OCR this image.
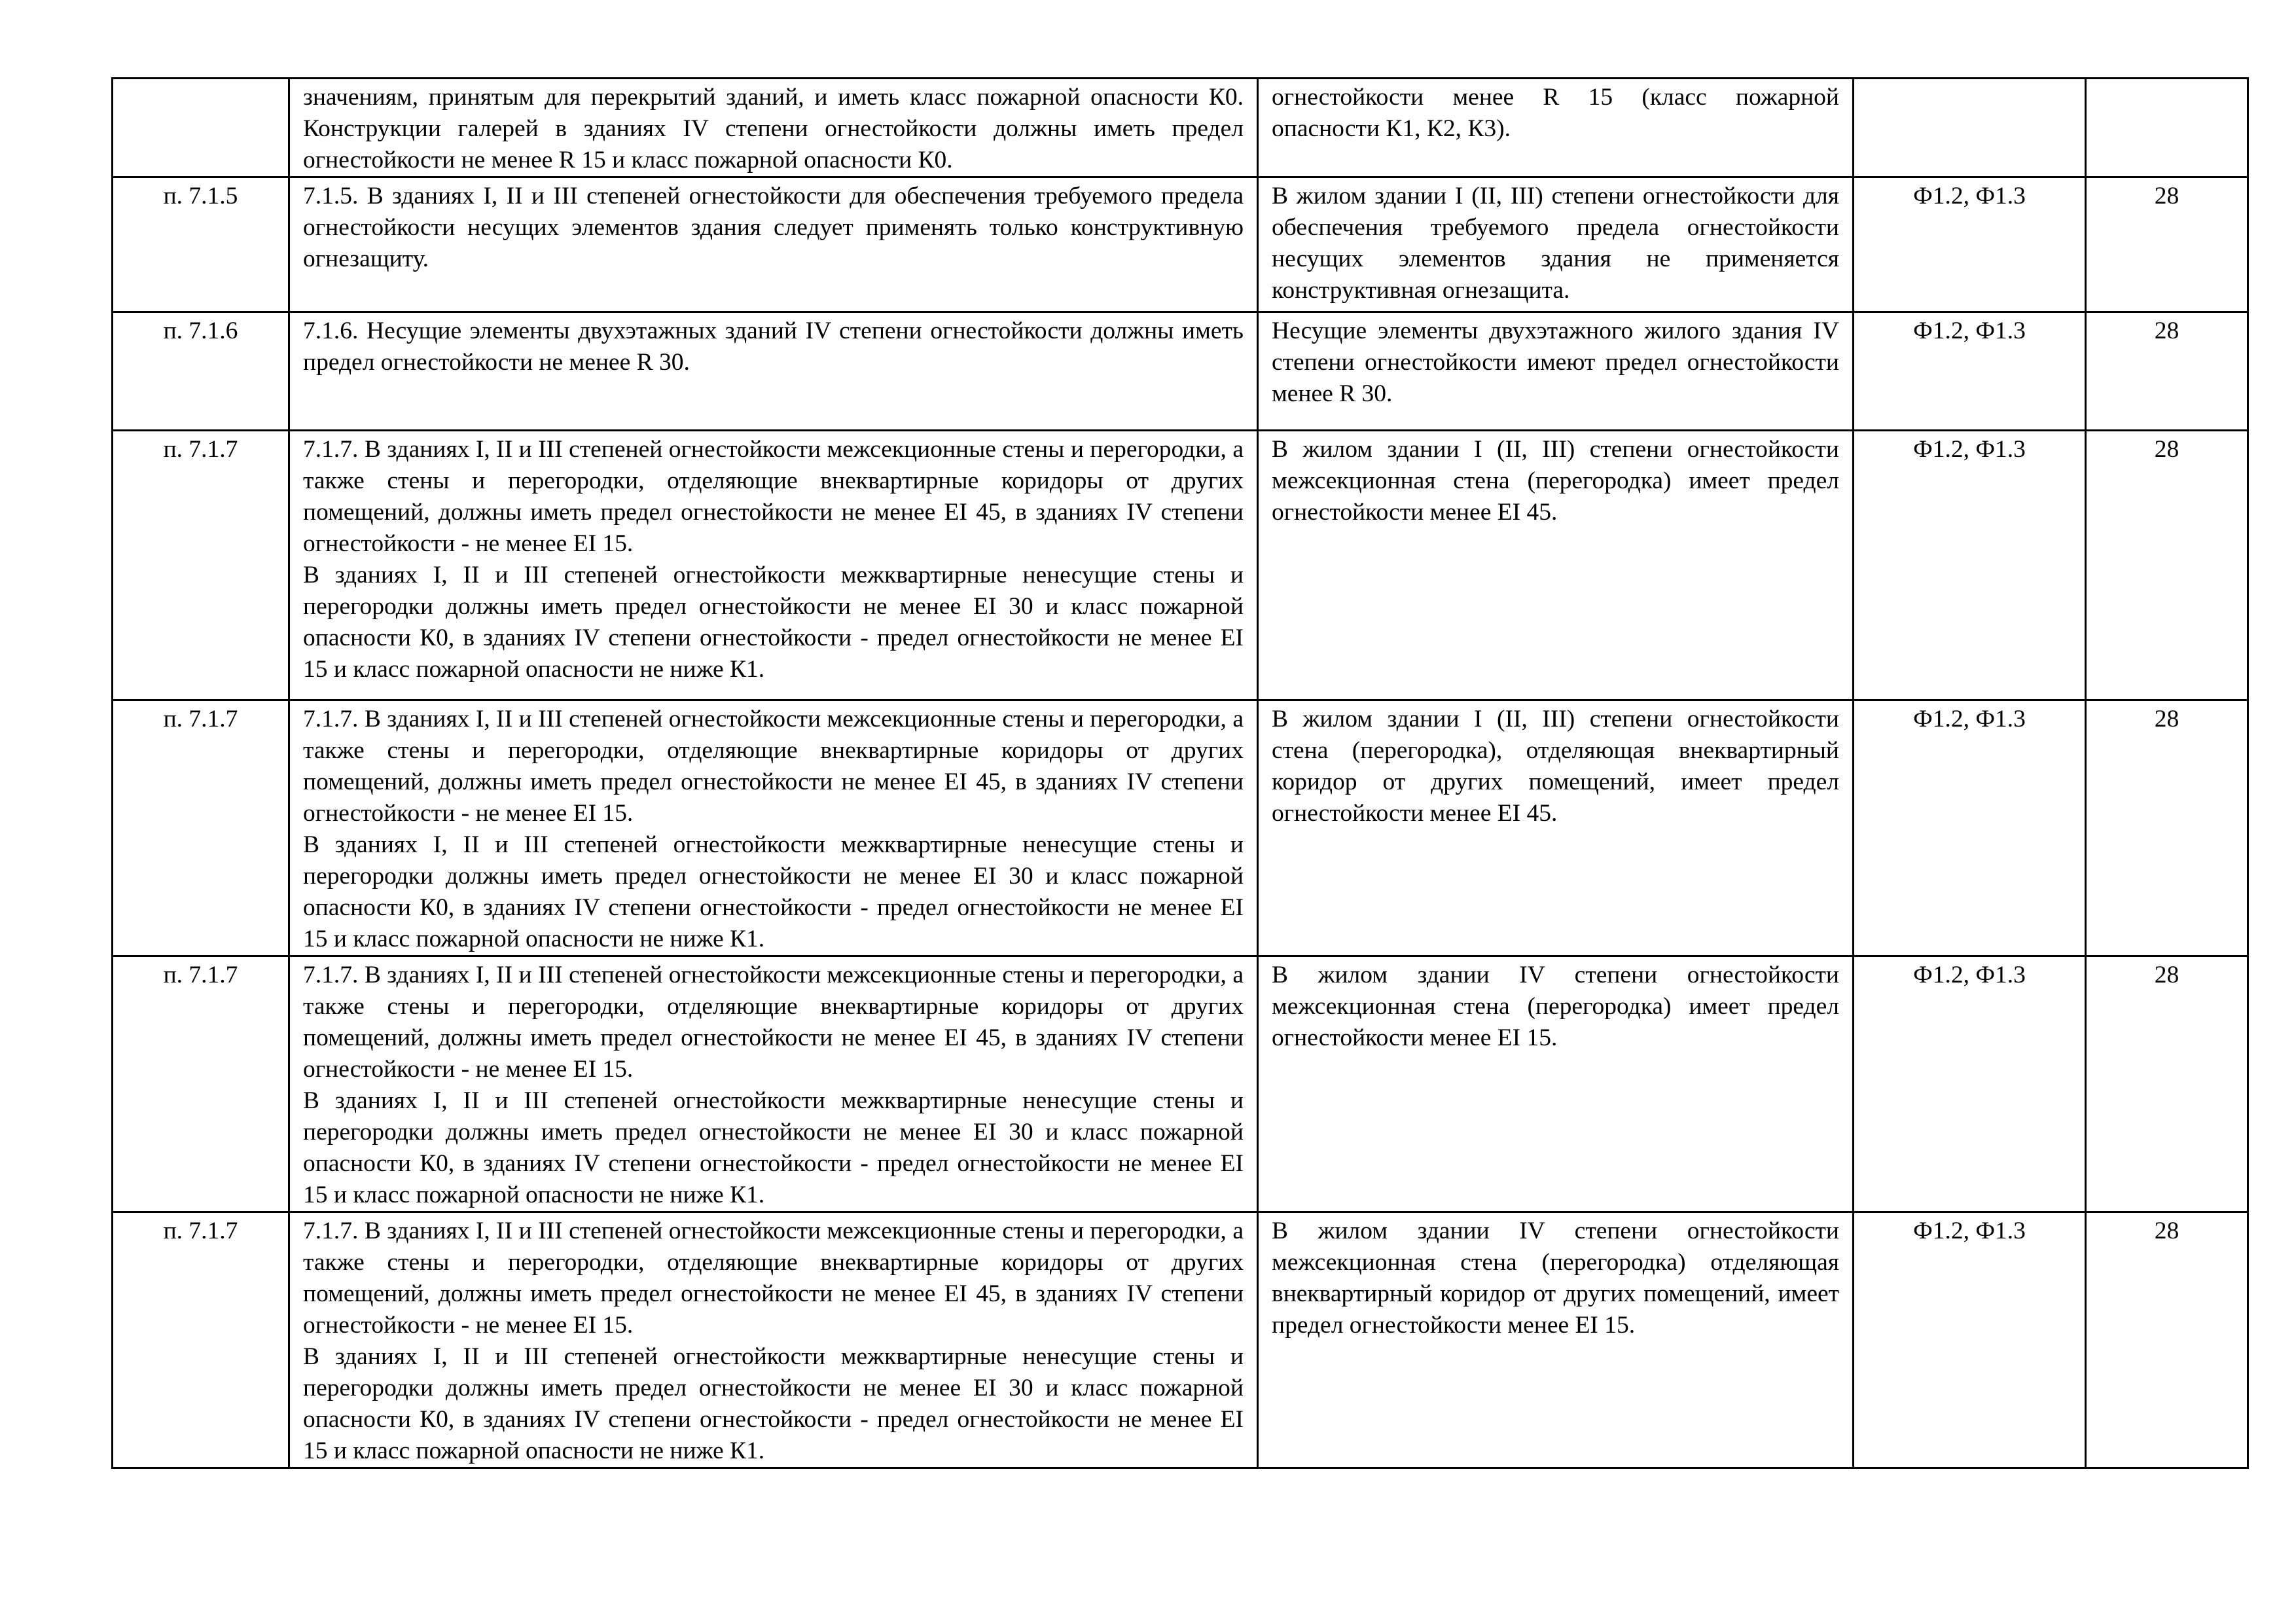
	значениям, принятым для перекрытий зданий, и иметь класс пожарной опасности К0. Конструкции галерей в зданиях IV степени огнестойкости должны иметь предел огнестойкости не менее R 15 и класс пожарной опасности К0.	огнестойкости менее R 15 (класс пожарной опасности К1, К2, К3).		
п. 7.1.5	7.1.5. В зданиях I, II и III степеней огнестойкости для обеспечения требуемого предела огнестойкости несущих элементов здания следует применять только конструктивную огнезащиту.	В жилом здании I (II, III) степени огнестойкости для обеспечения требуемого предела огнестойкости несущих элементов здания не применяется конструктивная огнезащита.	Ф1.2, Ф1.3	28
п. 7.1.6	7.1.6. Несущие элементы двухэтажных зданий IV степени огнестойкости должны иметь предел огнестойкости не менее R 30.	Несущие элементы двухэтажного жилого здания IV степени огнестойкости имеют предел огнестойкости менее R 30.	Ф1.2, Ф1.3	28
п. 7.1.7	7.1.7. В зданиях I, II и III степеней огнестойкости межсекционные стены и перегородки, а также стены и перегородки, отделяющие внеквартирные коридоры от других помещений, должны иметь предел огнестойкости не менее EI 45, в зданиях IV степени огнестойкости - не менее EI 15.
В зданиях I, II и III степеней огнестойкости межквартирные ненесущие стены и перегородки должны иметь предел огнестойкости не менее EI 30 и класс пожарной опасности К0, в зданиях IV степени огнестойкости - предел огнестойкости не менее EI 15 и класс пожарной опасности не ниже К1.	В жилом здании I (II, III) степени огнестойкости межсекционная стена (перегородка) имеет предел огнестойкости менее EI 45.	Ф1.2, Ф1.3	28
п. 7.1.7	7.1.7. В зданиях I, II и III степеней огнестойкости межсекционные стены и перегородки, а также стены и перегородки, отделяющие внеквартирные коридоры от других помещений, должны иметь предел огнестойкости не менее EI 45, в зданиях IV степени огнестойкости - не менее EI 15.
В зданиях I, II и III степеней огнестойкости межквартирные ненесущие стены и перегородки должны иметь предел огнестойкости не менее EI 30 и класс пожарной опасности К0, в зданиях IV степени огнестойкости - предел огнестойкости не менее EI 15 и класс пожарной опасности не ниже К1.	В жилом здании I (II, III) степени огнестойкости стена (перегородка), отделяющая внеквартирный коридор от других помещений, имеет предел огнестойкости менее EI 45.	Ф1.2, Ф1.3	28
п. 7.1.7	7.1.7. В зданиях I, II и III степеней огнестойкости межсекционные стены и перегородки, а также стены и перегородки, отделяющие внеквартирные коридоры от других помещений, должны иметь предел огнестойкости не менее EI 45, в зданиях IV степени огнестойкости - не менее EI 15.
В зданиях I, II и III степеней огнестойкости межквартирные ненесущие стены и перегородки должны иметь предел огнестойкости не менее EI 30 и класс пожарной опасности К0, в зданиях IV степени огнестойкости - предел огнестойкости не менее EI 15 и класс пожарной опасности не ниже К1.	В жилом здании IV степени огнестойкости межсекционная стена (перегородка) имеет предел огнестойкости менее EI 15.	Ф1.2, Ф1.3	28
п. 7.1.7	7.1.7. В зданиях I, II и III степеней огнестойкости межсекционные стены и перегородки, а также стены и перегородки, отделяющие внеквартирные коридоры от других помещений, должны иметь предел огнестойкости не менее EI 45, в зданиях IV степени огнестойкости - не менее EI 15.
В зданиях I, II и III степеней огнестойкости межквартирные ненесущие стены и перегородки должны иметь предел огнестойкости не менее EI 30 и класс пожарной опасности К0, в зданиях IV степени огнестойкости - предел огнестойкости не менее EI 15 и класс пожарной опасности не ниже К1.	В жилом здании IV степени огнестойкости межсекционная стена (перегородка) отделяющая внеквартирный коридор от других помещений, имеет предел огнестойкости менее EI 15.	Ф1.2, Ф1.3	28
